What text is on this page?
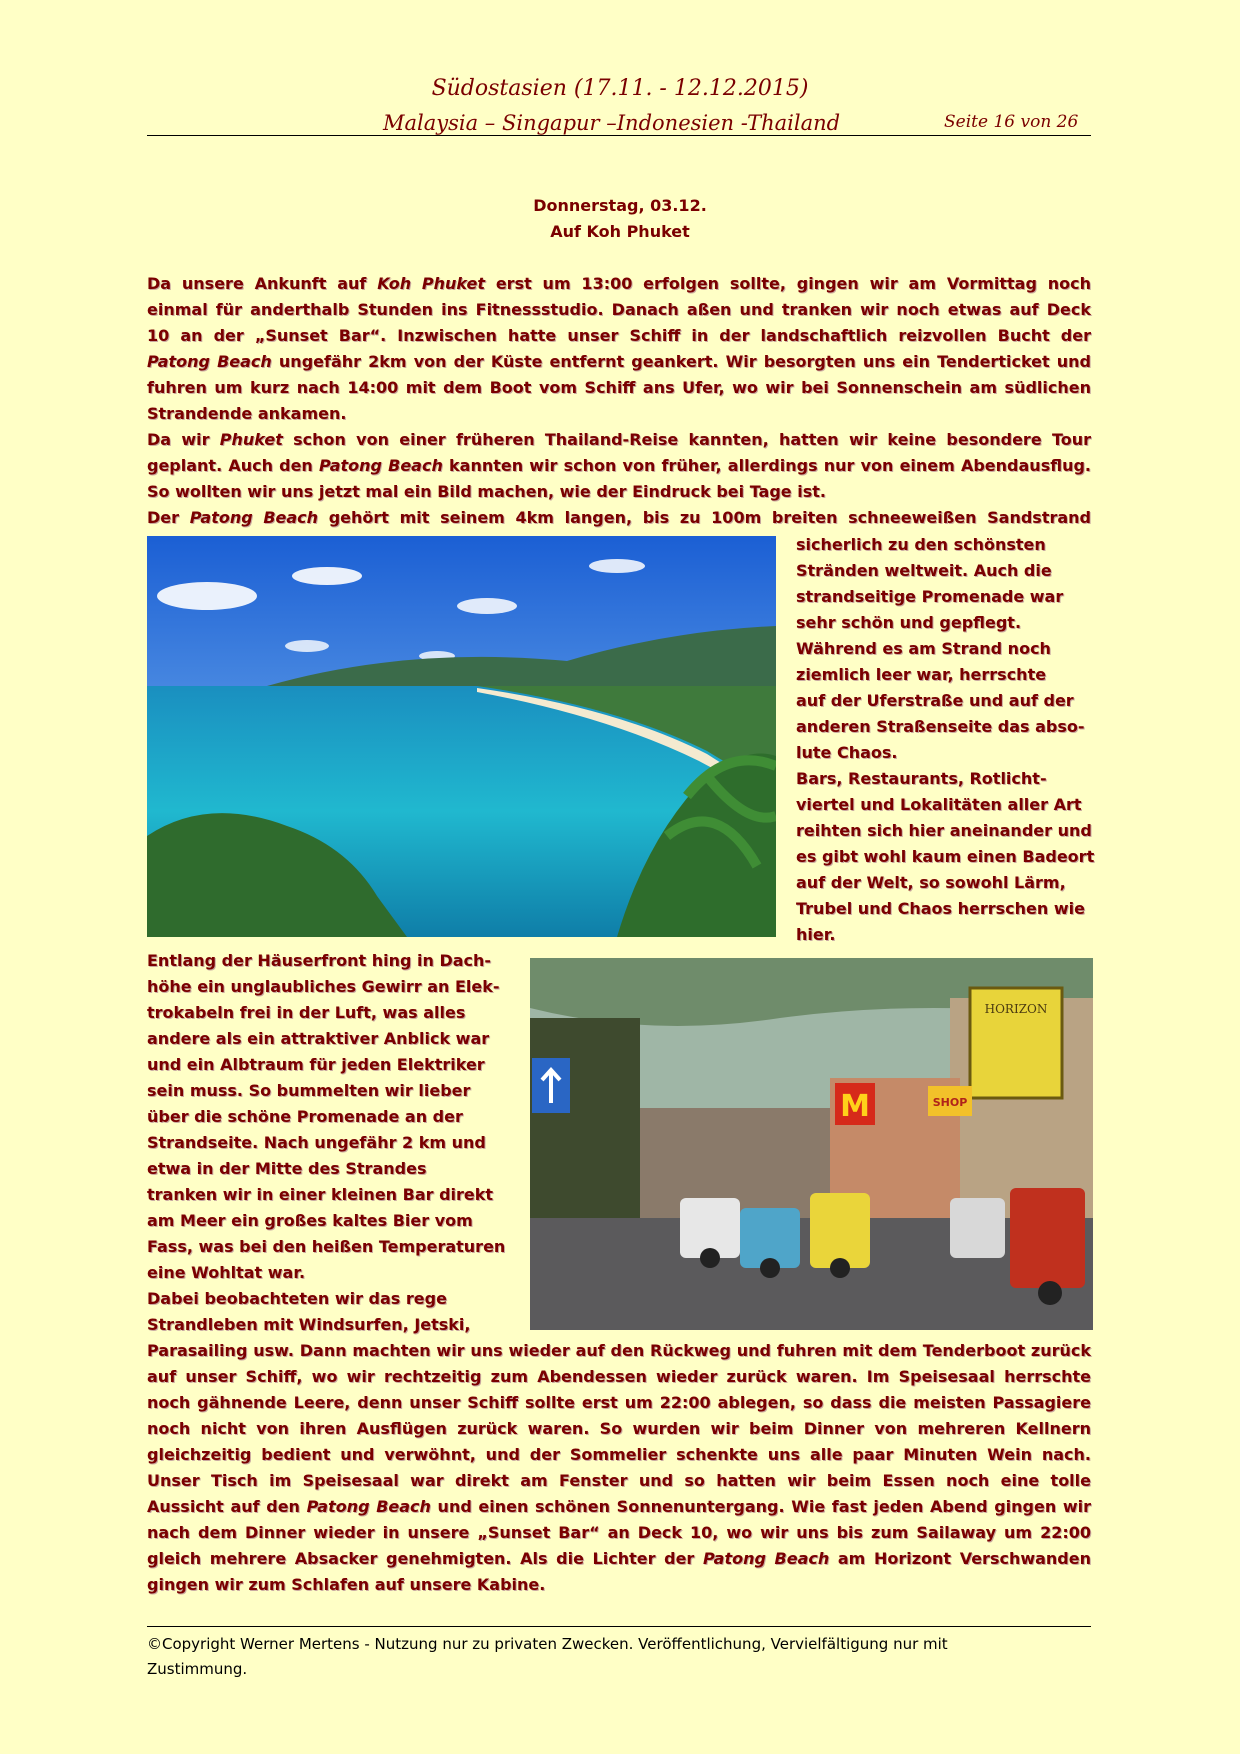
Südostasien (17.11. - 12.12.2015)
Malaysia – Singapur –Indonesien -Thailand	Seite 16 von 26
Donnerstag, 03.12.
Auf Koh Phuket
Da unsere Ankunft auf Koh Phuket erst um 13:00 erfolgen sollte, gingen wir am Vormittag noch
einmal für anderthalb Stunden ins Fitnessstudio. Danach aßen und tranken wir noch etwas auf Deck
10 an der „Sunset Bar“. Inzwischen hatte unser Schiff in der landschaftlich reizvollen Bucht der
Patong Beach ungefähr 2km von der Küste entfernt geankert. Wir besorgten uns ein Tenderticket und
fuhren um kurz nach 14:00 mit dem Boot vom Schiff ans Ufer, wo wir bei Sonnenschein am südlichen
Strandende ankamen.
Da wir Phuket schon von einer früheren Thailand-Reise kannten, hatten wir keine besondere Tour
geplant. Auch den Patong Beach kannten wir schon von früher, allerdings nur von einem Abendausflug.
So wollten wir uns jetzt mal ein Bild machen, wie der Eindruck bei Tage ist.
Der Patong Beach gehört mit seinem 4km langen, bis zu 100m breiten schneeweißen Sandstrand
sicherlich zu den schönsten
Stränden weltweit. Auch die
strandseitige Promenade war
sehr schön und gepflegt.
Während es am Strand noch
ziemlich leer war, herrschte
auf der Uferstraße und auf der
anderen Straßenseite das abso-
lute Chaos.
Bars, Restaurants, Rotlicht-
viertel und Lokalitäten aller Art
reihten sich hier aneinander und
es gibt wohl kaum einen Badeort
auf der Welt, so sowohl Lärm,
Trubel und Chaos herrschen wie
hier.
HORIZON
M	SHOP
Entlang der Häuserfront hing in Dach-
höhe ein unglaubliches Gewirr an Elek-
trokabeln frei in der Luft, was alles
andere als ein attraktiver Anblick war
und ein Albtraum für jeden Elektriker
sein muss. So bummelten wir lieber
über die schöne Promenade an der
Strandseite. Nach ungefähr 2 km und
etwa in der Mitte des Strandes
tranken wir in einer kleinen Bar direkt
am Meer ein großes kaltes Bier vom
Fass, was bei den heißen Temperaturen
eine Wohltat war.
Dabei beobachteten wir das rege
Strandleben mit Windsurfen, Jetski,
Parasailing usw. Dann machten wir uns wieder auf den Rückweg und fuhren mit dem Tenderboot zurück
auf unser Schiff, wo wir rechtzeitig zum Abendessen wieder zurück waren. Im Speisesaal herrschte
noch gähnende Leere, denn unser Schiff sollte erst um 22:00 ablegen, so dass die meisten Passagiere
noch nicht von ihren Ausflügen zurück waren. So wurden wir beim Dinner von mehreren Kellnern
gleichzeitig bedient und verwöhnt, und der Sommelier schenkte uns alle paar Minuten Wein nach.
Unser Tisch im Speisesaal war direkt am Fenster und so hatten wir beim Essen noch eine tolle
Aussicht auf den Patong Beach und einen schönen Sonnenuntergang. Wie fast jeden Abend gingen wir
nach dem Dinner wieder in unsere „Sunset Bar“ an Deck 10, wo wir uns bis zum Sailaway um 22:00
gleich mehrere Absacker genehmigten. Als die Lichter der Patong Beach am Horizont Verschwanden
gingen wir zum Schlafen auf unsere Kabine.
©Copyright Werner Mertens - Nutzung nur zu privaten Zwecken. Veröffentlichung, Vervielfältigung nur mit
Zustimmung.
